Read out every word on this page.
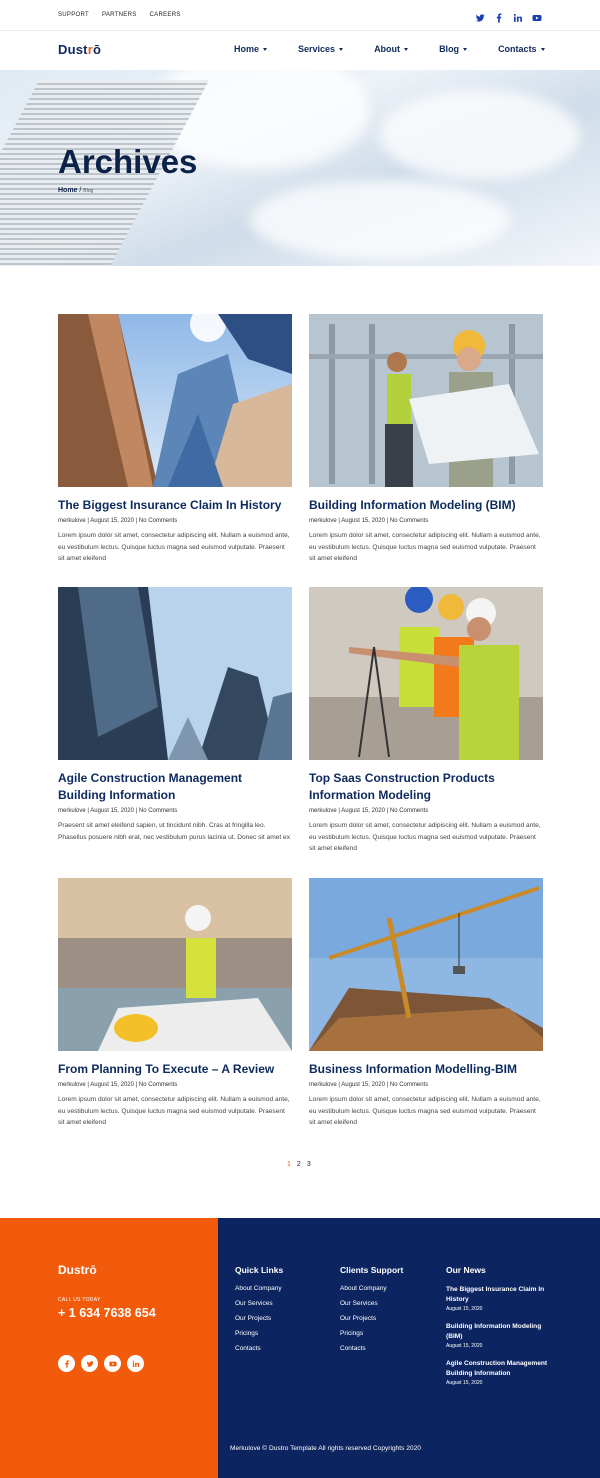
SUPPORT PARTNERS CAREERS
Dustrō	Home	Services	About	Blog	Contacts
Archives
Home / Blog
The Biggest Insurance Claim In History
merkulove | August 15, 2020 | No Comments

Lorem ipsum dolor sit amet, consectetur adipiscing elit. Nullam a euismod ante, eu vestibulum lectus. Quisque luctus magna sed euismod vulputate. Praesent sit amet eleifend

Building Information Modeling (BIM)
merkulove | August 15, 2020 | No Comments

Lorem ipsum dolor sit amet, consectetur adipiscing elit. Nullam a euismod ante, eu vestibulum lectus. Quisque luctus magna sed euismod vulputate. Praesent sit amet eleifend

Agile Construction Management Building Information
merkulove | August 15, 2020 | No Comments

Praesent sit amet eleifend sapien, ut tincidunt nibh. Cras at fringilla leo. Phasellus posuere nibh erat, nec vestibulum purus lacinia ut. Donec sit amet ex

Top Saas Construction Products Information Modeling
merkulove | August 15, 2020 | No Comments

Lorem ipsum dolor sit amet, consectetur adipiscing elit. Nullam a euismod ante, eu vestibulum lectus. Quisque luctus magna sed euismod vulputate. Praesent sit amet eleifend

From Planning To Execute – A Review
merkulove | August 15, 2020 | No Comments

Lorem ipsum dolor sit amet, consectetur adipiscing elit. Nullam a euismod ante, eu vestibulum lectus. Quisque luctus magna sed euismod vulputate. Praesent sit amet eleifend

Business Information Modelling-BIM
merkulove | August 15, 2020 | No Comments

Lorem ipsum dolor sit amet, consectetur adipiscing elit. Nullam a euismod ante, eu vestibulum lectus. Quisque luctus magna sed euismod vulputate. Praesent sit amet eleifend

1 2 3
Dustrō
CALL US TODAY
+ 1 634 7638 654
Quick Links
About Company
Our Services
Our Projects
Pricings
Contacts
Clients Support
About Company
Our Services
Our Projects
Pricings
Contacts
Our News
The Biggest Insurance Claim In History
August 15, 2020
Building Information Modeling (BIM)
August 15, 2020
Agile Construction Management Building Information
August 15, 2020
Merkulove © Dustro Template All rights reserved Copyrights 2020
